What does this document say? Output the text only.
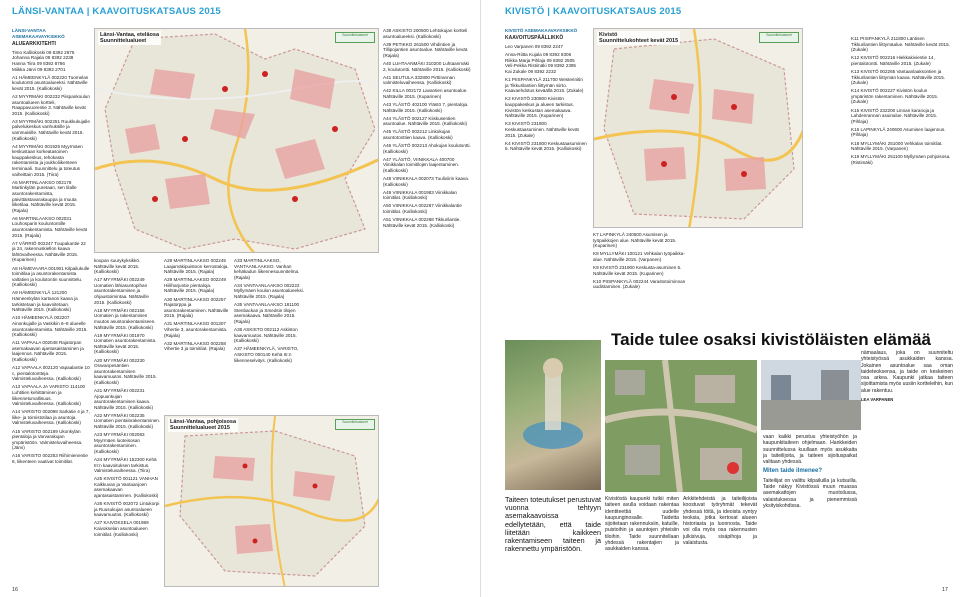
LÄNSI-VANTAA | KAAVOITUSKATSAUS 2015

LÄNSI-VANTAA ASEMAKAAVAYKSIKKÖ

ALUEARKKITEHTI

Timo Kalliokoski 09 8392 2675
Johanna Rajala 09 8392 2238
Hanna Tiira 09 8392 8786
Miikka Järvi 09 8392 2701

A1 HÄMEENKYLÄ 002220 Tuomelan koulutontti asuntoalueeksi. Nähtäville kevät 2015. (Kalliokoski)

A2 MYYRMÄKI 002232 Piispankoulun asuntoalueen kortteli, Raappavuorentie 3. Nähtäville kevät 2015. (Kalliokoski)

A3 MYYRMÄKI 002251 Ruukkukujalle palvelukeskus vanhuksille ja vammaisille. Nähtäville kevät 2015. (Kalliokoski)

A4 MYYRMÄKI 001925 Myyrmäen keskustaan korkeatasoinen kauppakeskus, tehokasta rakentamista ja joukkoliikenteen terminaali. Suunnittelu ja toteutus vaiheittain 2015. (Tiira)

A5 MARTINLAAKSO 002178 Martinkylän puretaan, sen tilalle asuntorakentamista, päivittäistavarakauppa ja muuta liiketilaa. Nähtäville kevät 2015. (Rajala)

A6 MARTINLAAKSO 002031 Louhosparin kouluntontille asuntorakentamista. Nähtäville kevät 2015. (Rajala)

A7 VÄRRIÖ 002247 Tuupakantie 22 ja 24, rakennuskiellon kaava lähtövaiheessa. Nähtäville 2015. (Kuparinen)

A8 HÄMEVAARA 001901 Kilpailukulle toimitilaa ja asuntorakentamista valtatien ja koulutontin suunnittelu. (Kalliokoski)

A9 HÄMEENKYLÄ 121200 Hämeenkylän kartanon kaava ja tarkistetaan ja kaavoitetaan. Nähtäville 2015. (Kalliokoski)

A10 HÄMEENKYLÄ 002207 Ainonkujalle ja Vaskikin 6–8 alueelle asuntorakentamista. Nähtäville 2015. (Kalliokoski)

A11 VAPAALA 002048 Rajatorpan asemakaavan ajantasaistaminen ja laajennus. Nähtäville 2015. (Kalliokoski)

A12 VAPAALA 002120 Vapaalantie 10 c, pientalotontteja. Valmisteluvaiheessa. (Kalliokoski)

A13 VAPAALA JA VARISTO 114100 Luhtitien kehittäminen ja liikenneturvallisuus. Valmisteluvaiheessa. (Kalliokoski)

A14 VARISTO 002098 Sarkatie 4 ja 7, liike- ja toimistotilaa ja asuntoja. Valmisteluvaiheessa. (Kalliokoski)

A15 VARISTO 002189 Ukonkylän pientaloja ja Varvarakujan ympäristöön. Valmisteluvaiheessa. (Järvi)

A16 VARISTO 002253 Riihimienentie 8, liikenteen vaativat toimitilat.

Länsi-Vantaa, eteläosa
Suunnittelualueet
Suunnittelualueet

koupan suurykyksikkö. Nähtäville kevät 2015. (Kalliokoski)

A17 MYYRMÄKI 002249 Uomatien lähiasuntopihan asuntorakentamisen ja ohjaustoimintaa. Nähtäville 2015. (Kalliokoski)

A18 MYYRMÄKI 002156 Uomatien ja rakentamisen muutos asuntorakentamiseen. Nähtäville 2015. (Kalliokoski)

A19 MYYRMÄKI 001970 Uomatien asuntorakentamista. Nähtäville kevät 2015. (Kalliokoski)

A20 MYYRMÄKI 002230 Oravanpesäntien asuntorakentamisen kaavamuutos. Nähtäville 2015. (Kalliokoski)

A21 MYYRMÄKI 002231 Ajopuunkujan asuntorakentamisen kaava. Nähtäville 2015. (Kalliokoski)

A22 MYYRMÄKI 002235 Uomatien pientalorakentaminen. Nähtäville 2015. (Kalliokoski)

A23 MYYRMÄKI 002083 Myyrmäen luoteisosan asuntorakentaminen. (Kalliokoski)

A24 MYYRMÄKI 152300 Kehä III:n kaavoituksen tarkistus. Valmisteluvaiheessa. (Tiira)

A25 KIVISTÖ 001121 VANHAN Kalkkuvan ja Vantaanjoen asemakaavan ajantasaistaminen. (Kalliokoski)

A26 KIVISTÖ 002072 Lintukorpi ja Ruusukujan asuntoalueen kaavamuutos. (Kalliokoski)

A27 KAIVOKSELA 001989 Kaivokselan asuntoalueen toimitilat. (Kalliokoski)

A28 MARTINLAAKSO 002245 Laajamäkipuistoon kerrostaloja. Nähtäville 2015. (Rajala)

A29 MARTINLAAKSO 002249 Hiiliharjuntie pientaloja. Nähtäville 2015. (Rajala)

A30 MARTINLAAKSO 002257 Rajatorppa ja asuntorakentaminen. Nähtäville 2015. (Rajala)

A31 MARTINLAAKSO 001307 Vihertie 3, asuntorakentamista. (Rajala)

A32 MARTINLAAKSO 002258 Vihertie 3 ja toimitilat. (Rajala)

Länsi-Vantaa, pohjoisosa
Suunnittelualueet 2015
Suunnittelualueet

A33 MARTINLAAKSO, VANTAANLAAKSO. Vanhan kehäkadun liikennesuunnitelma. (Rajala)

A34 VANTAANLAAKSO 002222 Myllymäen koulun asuntoalueeksi. Nähtäville 2015. (Rajala)

A35 VANTAANLAAKSO 181100 Stenbackan ja Smedsin tilojen asemakaava. Nähtäville 2015. (Rajala)

A36 ASKISTO 002112 Askiston kaavamuutos. Nähtäville 2015. (Kalliokoski)

A37 HÄMEENKYLÄ, VARISTO, ASKISTO 000140 Kehä III:n liikenneselvitys. (Kalliokoski)

A38 ASKISTO 200500 Lehtokujan kortteli asuntoalueeksi. (Kalliokoski)

A39 PETIKKO 261500 Vihdintien ja Tillipojantien asuntoalue. Nähtäville kevät. (Rajala)

A40 LUHTAANMÄKI 310200 Luhtaanmäki 2, koulutontti. Nähtäville 2015. (Kalliokoski)

A41 SEUTULA 332800 Pirttirannan valmisteluvaiheessa. (Kalliokoski)

A42 KILLA 002172 Lavantien asuntoalue. Nähtäville 2015. (Kuparinen)

A43 YLÄSTÖ 402100 Ylästö 7, pientaloja. Nähtäville 2015. (Kalliokoski)

A44 YLÄSTÖ 002127 Kiiskusentien asuntoalue. Nähtäville 2015. (Kalliokoski)

A45 YLÄSTÖ 002212 Linkokujan asuntotonttien kaava. (Kalliokoski)

A46 YLÄSTÖ 002213 Ahokujan koulutontti. (Kalliokoski)

A47 YLÄSTÖ, VIINIKKALA 400700 Viinikkalan toimitilojen laajentaminen. (Kalliokoski)

A48 VIINIKKALA 002073 Tuuliviirin kaava. (Kalliokoski)

A49 VIINIKKALA 001983 Viinikkalan toimitilat. (Kalliokoski)

A50 VIINIKKALA 002267 Viinikkalantie toimitilat. (Kalliokoski)

A51 VIINIKKALA 002268 Tikkurilantie. Nähtäville kevät 2015. (Kalliokoski)

16
KIVISTÖ | KAAVOITUSKATSAUS 2015

KIVISTÖ ASEMAKAAVAYKSIKKÖ

KAAVOITUSPÄÄLLIKKÖ

Leo Varpanen 09 8392 2247

Anna-Riitta Kujala 09 8392 9306
Riikka Marja Pihlaja 09 8392 2505
Veli-Pekka Ristimäki 09 8392 2395
Kai Zukale 09 8392 2232

K1 PIISPANKYLÄ 211700 Westerinitin ja Tikkurilantien liittymän siirto. Kaavaehdotus keväällä 2015. (Zukale)

K2 KIVISTÖ 230800 Kivistön kauppakeskus ja alueen tarkistus. Kivistön keskustan asemakaava. Nähtäville 2015. (Kuparinen)

K3 KIVISTÖ 231800 Keskustaasuminen. Nähtäville kevät 2015. (Zukale)

K4 KIVISTÖ 231800 Keskustaasuminen 5. Nähtäville kevät 2015. (Kalliokoski)

Kivistö
Suunnittelukohteet kevät 2015
Suunnittelualueet

K7 LAPINKYLÄ 240500 Asumisen ja työpaikkojen alue. Nähtäville kevät 2015. (Kuparinen)

K8 MYLLYMÄKI 100121 Vehkalan työpaikka-alue. Nähtäville 2015. (Varpanen)

K9 KIVISTÖ 231900 Keskusta-asuminen 6. Nähtäville kevät 2015. (Kuparinen)

K10 PIISPANKYLÄ 002244 Varastotoiminnan uudistaminen. (Zukale)

K11 PIISPANKYLÄ 211800 Läntisen Tikkurilantien liittymäalue. Nähtäville kevät 2015. (Zukale)

K12 KIVISTÖ 002216 Hiekkakivientie 14, pientalotontti. Nähtäville 2015. (Zukale)

K13 KIVISTÖ 002265 Vantaanlaaksontien ja Tikkurilantien liittymän kaava. Nähtäville 2015. (Zukale)

K14 KIVISTÖ 002227 Kivistön koulun ympäristön rakentaminen. Nähtäville 2015. (Zukale)

K15 KIVISTÖ 232200 Linnan karanoja ja Lahdenrannan asuinalue. Nähtäville 2015. (Pihlaja)

K16 LAPINKYLÄ 240600 Asumisen laajennus. (Pihlaja)

K18 MYLLYMÄKI 251000 Vehkalan toimitilat. Nähtäville 2015. (Varpanen)

K19 MYLLYMÄKI 251100 Myllymäen pohjoisosa. (Ristimäki)

Taide tulee osaksi kivistöläisten elämää

Taiteen toteutukset perustuvat vuonna tehtyyn asemakaavoissa edellytetään, että taide liitetään kaikkeen rakentamiseen taiteen ja rakennettu ympäristöön.

Kivistöstä kaupunki tutkii miten taiteen avulla voidaan rakentaa identiteettiä uudelle kaupunginosalle. Taidetta sijoitetaan rakennuksiin, katuille, puistoihin ja asuntojen yhteisiin tiloihin. Taide suunnitellaan yhdessä rakentajien ja asukkaiden kanssa.

Arkkitehdeistä ja taiteilijoista koostuvat työryhmät tekevät yhdessä töitä, ja ideoista syntyy teoksia, jotka kertovat alueen historiasta ja luonnosta. Taide voi olla myös osa rakennusten julkisivuja, sisäpihoja ja valaistusta.

vaan kaikki perustuu yhteistyöhön ja kaupunkitaiteen ohjelmaan. Hankkeiden suunnittelussa kuullaan myös asukkaita ja taiteilijoita, ja taiteen sijoituspaikat valitaan yhdessä.

Miten taide ilmenee?

Taiteilijat on valittu kilpailuilla ja kutsuilla. Taide näkyy Kivistössä muun muassa asemakattojen muotoilussa, valaistuksessa ja pienemmissä yksityiskohdissa.

nämaalaus, joka on suunniteltu yhteistyössä asukkaiden kanssa. Jokainen asuntoalue saa oman taideteoksensa, ja taide on keskeinen osa arkea. Kaupunki jatkaa taiteen sijoittamista myös uusiin kortteleihin, kun alue rakentuu.

LEA VARPANEN

17
